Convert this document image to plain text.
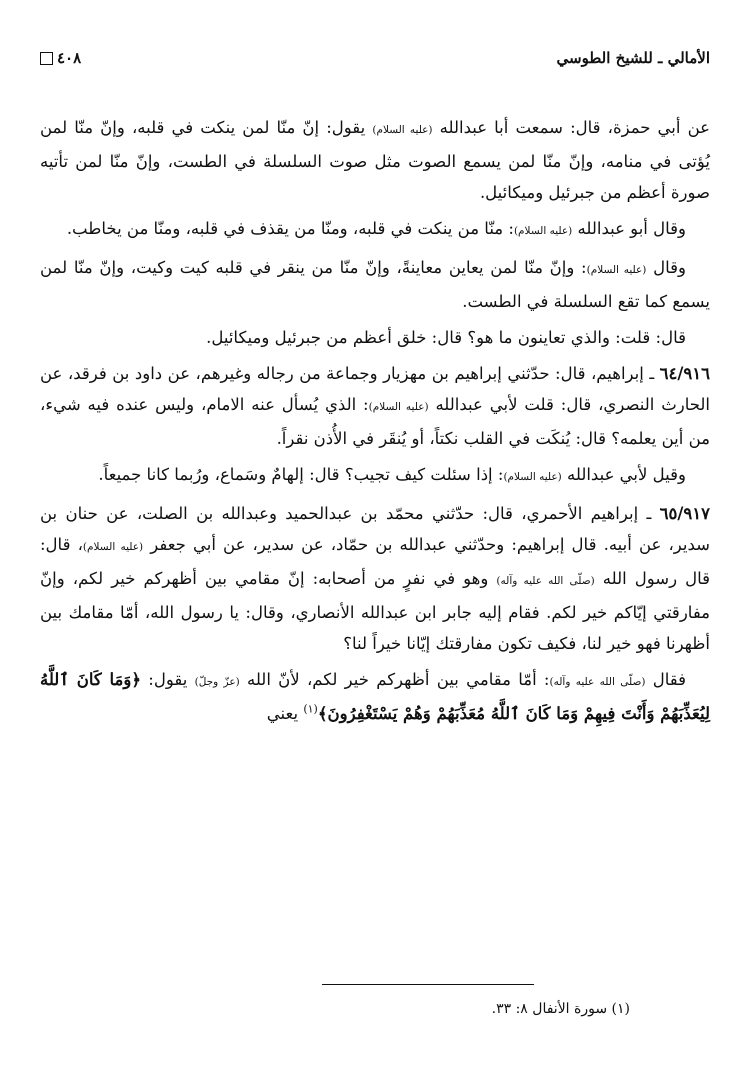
الأمالي ـ للشيخ الطوسي
٤٠٨

عن أبي حمزة، قال: سمعت أبا عبدالله (عليه السلام) يقول: إنّ منّا لمن ينكت في قلبه، وإنّ منّا لمن يُؤتى في منامه، وإنّ منّا لمن يسمع الصوت مثل صوت السلسلة في الطست، وإنّ منّا لمن تأتيه صورة أعظم من جبرئيل وميكائيل.

وقال أبو عبدالله (عليه السلام): منّا من ينكت في قلبه، ومنّا من يقذف في قلبه، ومنّا من يخاطب.

وقال (عليه السلام): وإنّ منّا لمن يعاين معاينةً، وإنّ منّا من ينقر في قلبه كيت وكيت، وإنّ منّا لمن يسمع كما تقع السلسلة في الطست.

قال: قلت: والذي تعاينون ما هو؟ قال: خلق أعظم من جبرئيل وميكائيل.

٦٤/٩١٦ ـ إبراهيم، قال: حدّثني إبراهيم بن مهزيار وجماعة من رجاله وغيرهم، عن داود بن فرقد، عن الحارث النصري، قال: قلت لأبي عبدالله (عليه السلام): الذي يُسأل عنه الامام، وليس عنده فيه شيء، من أين يعلمه؟ قال: يُنكَت في القلب نكتاً، أو يُنقَر في الأُذن نقراً.

وقيل لأبي عبدالله (عليه السلام): إذا سئلت كيف تجيب؟ قال: إلهامٌ وسَماع، ورُبما كانا جميعاً.

٦٥/٩١٧ ـ إبراهيم الأحمري، قال: حدّثني محمّد بن عبدالحميد وعبدالله بن الصلت، عن حنان بن سدير، عن أبيه. قال إبراهيم: وحدّثني عبدالله بن حمّاد، عن سدير، عن أبي جعفر (عليه السلام)، قال: قال رسول الله (صلّى الله عليه وآله) وهو في نفرٍ من أصحابه: إنّ مقامي بين أظهركم خير لكم، وإنّ مفارقتي إيّاكم خير لكم. فقام إليه جابر ابن عبدالله الأنصاري، وقال: يا رسول الله، أمّا مقامك بين أظهرنا فهو خير لنا، فكيف تكون مفارقتك إيّانا خيراً لنا؟

فقال (صلّى الله عليه وآله): أمّا مقامي بين أظهركم خير لكم، لأنّ الله (عزّ وجلّ) يقول: ﴿وَمَا كَانَ ٱللَّهُ لِيُعَذِّبَهُمْ وَأَنْتَ فِيهِمْ وَمَا كَانَ ٱللَّهُ مُعَذِّبَهُمْ وَهُمْ يَسْتَغْفِرُونَ﴾$^{(١)}$ يعني

(١) سورة الأنفال ٨: ٣٣.
